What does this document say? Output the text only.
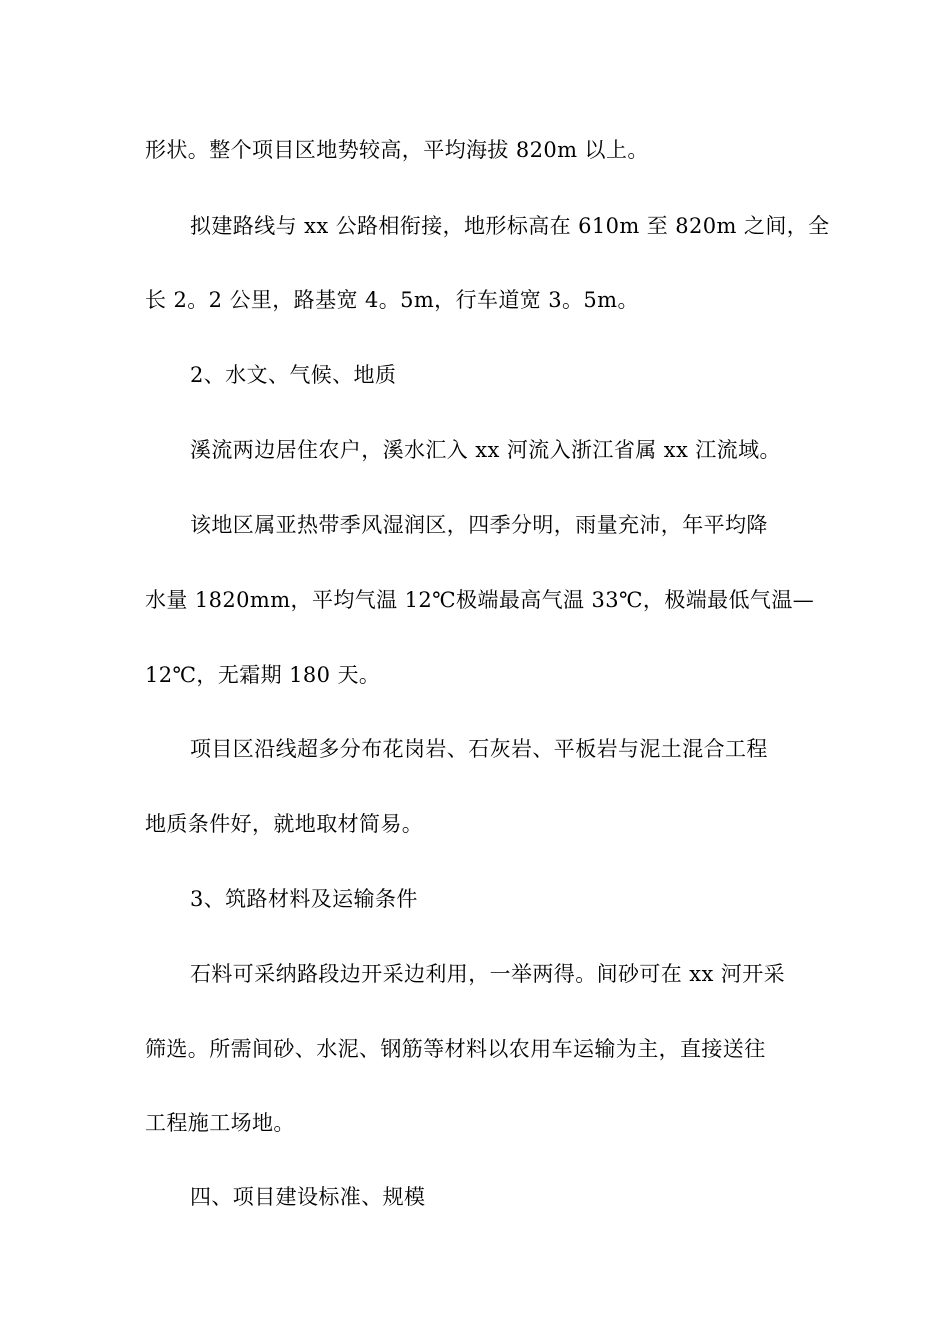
形状。整个项目区地势较高，平均海拔 820m 以上。
拟建路线与 xx 公路相衔接，地形标高在 610m 至 820m 之间，全
长 2。2 公里，路基宽 4。5m，行车道宽 3。5m。
2、水文、气候、地质
溪流两边居住农户，溪水汇入 xx 河流入浙江省属 xx 江流域。
该地区属亚热带季风湿润区，四季分明，雨量充沛，年平均降
水量 1820mm，平均气温 12℃极端最高气温 33℃，极端最低气温—
12℃，无霜期 180 天。
项目区沿线超多分布花岗岩、石灰岩、平板岩与泥土混合工程
地质条件好，就地取材简易。
3、筑路材料及运输条件
石料可采纳路段边开采边利用，一举两得。间砂可在 xx 河开采
筛选。所需间砂、水泥、钢筋等材料以农用车运输为主，直接送往
工程施工场地。
四、项目建设标准、规模
